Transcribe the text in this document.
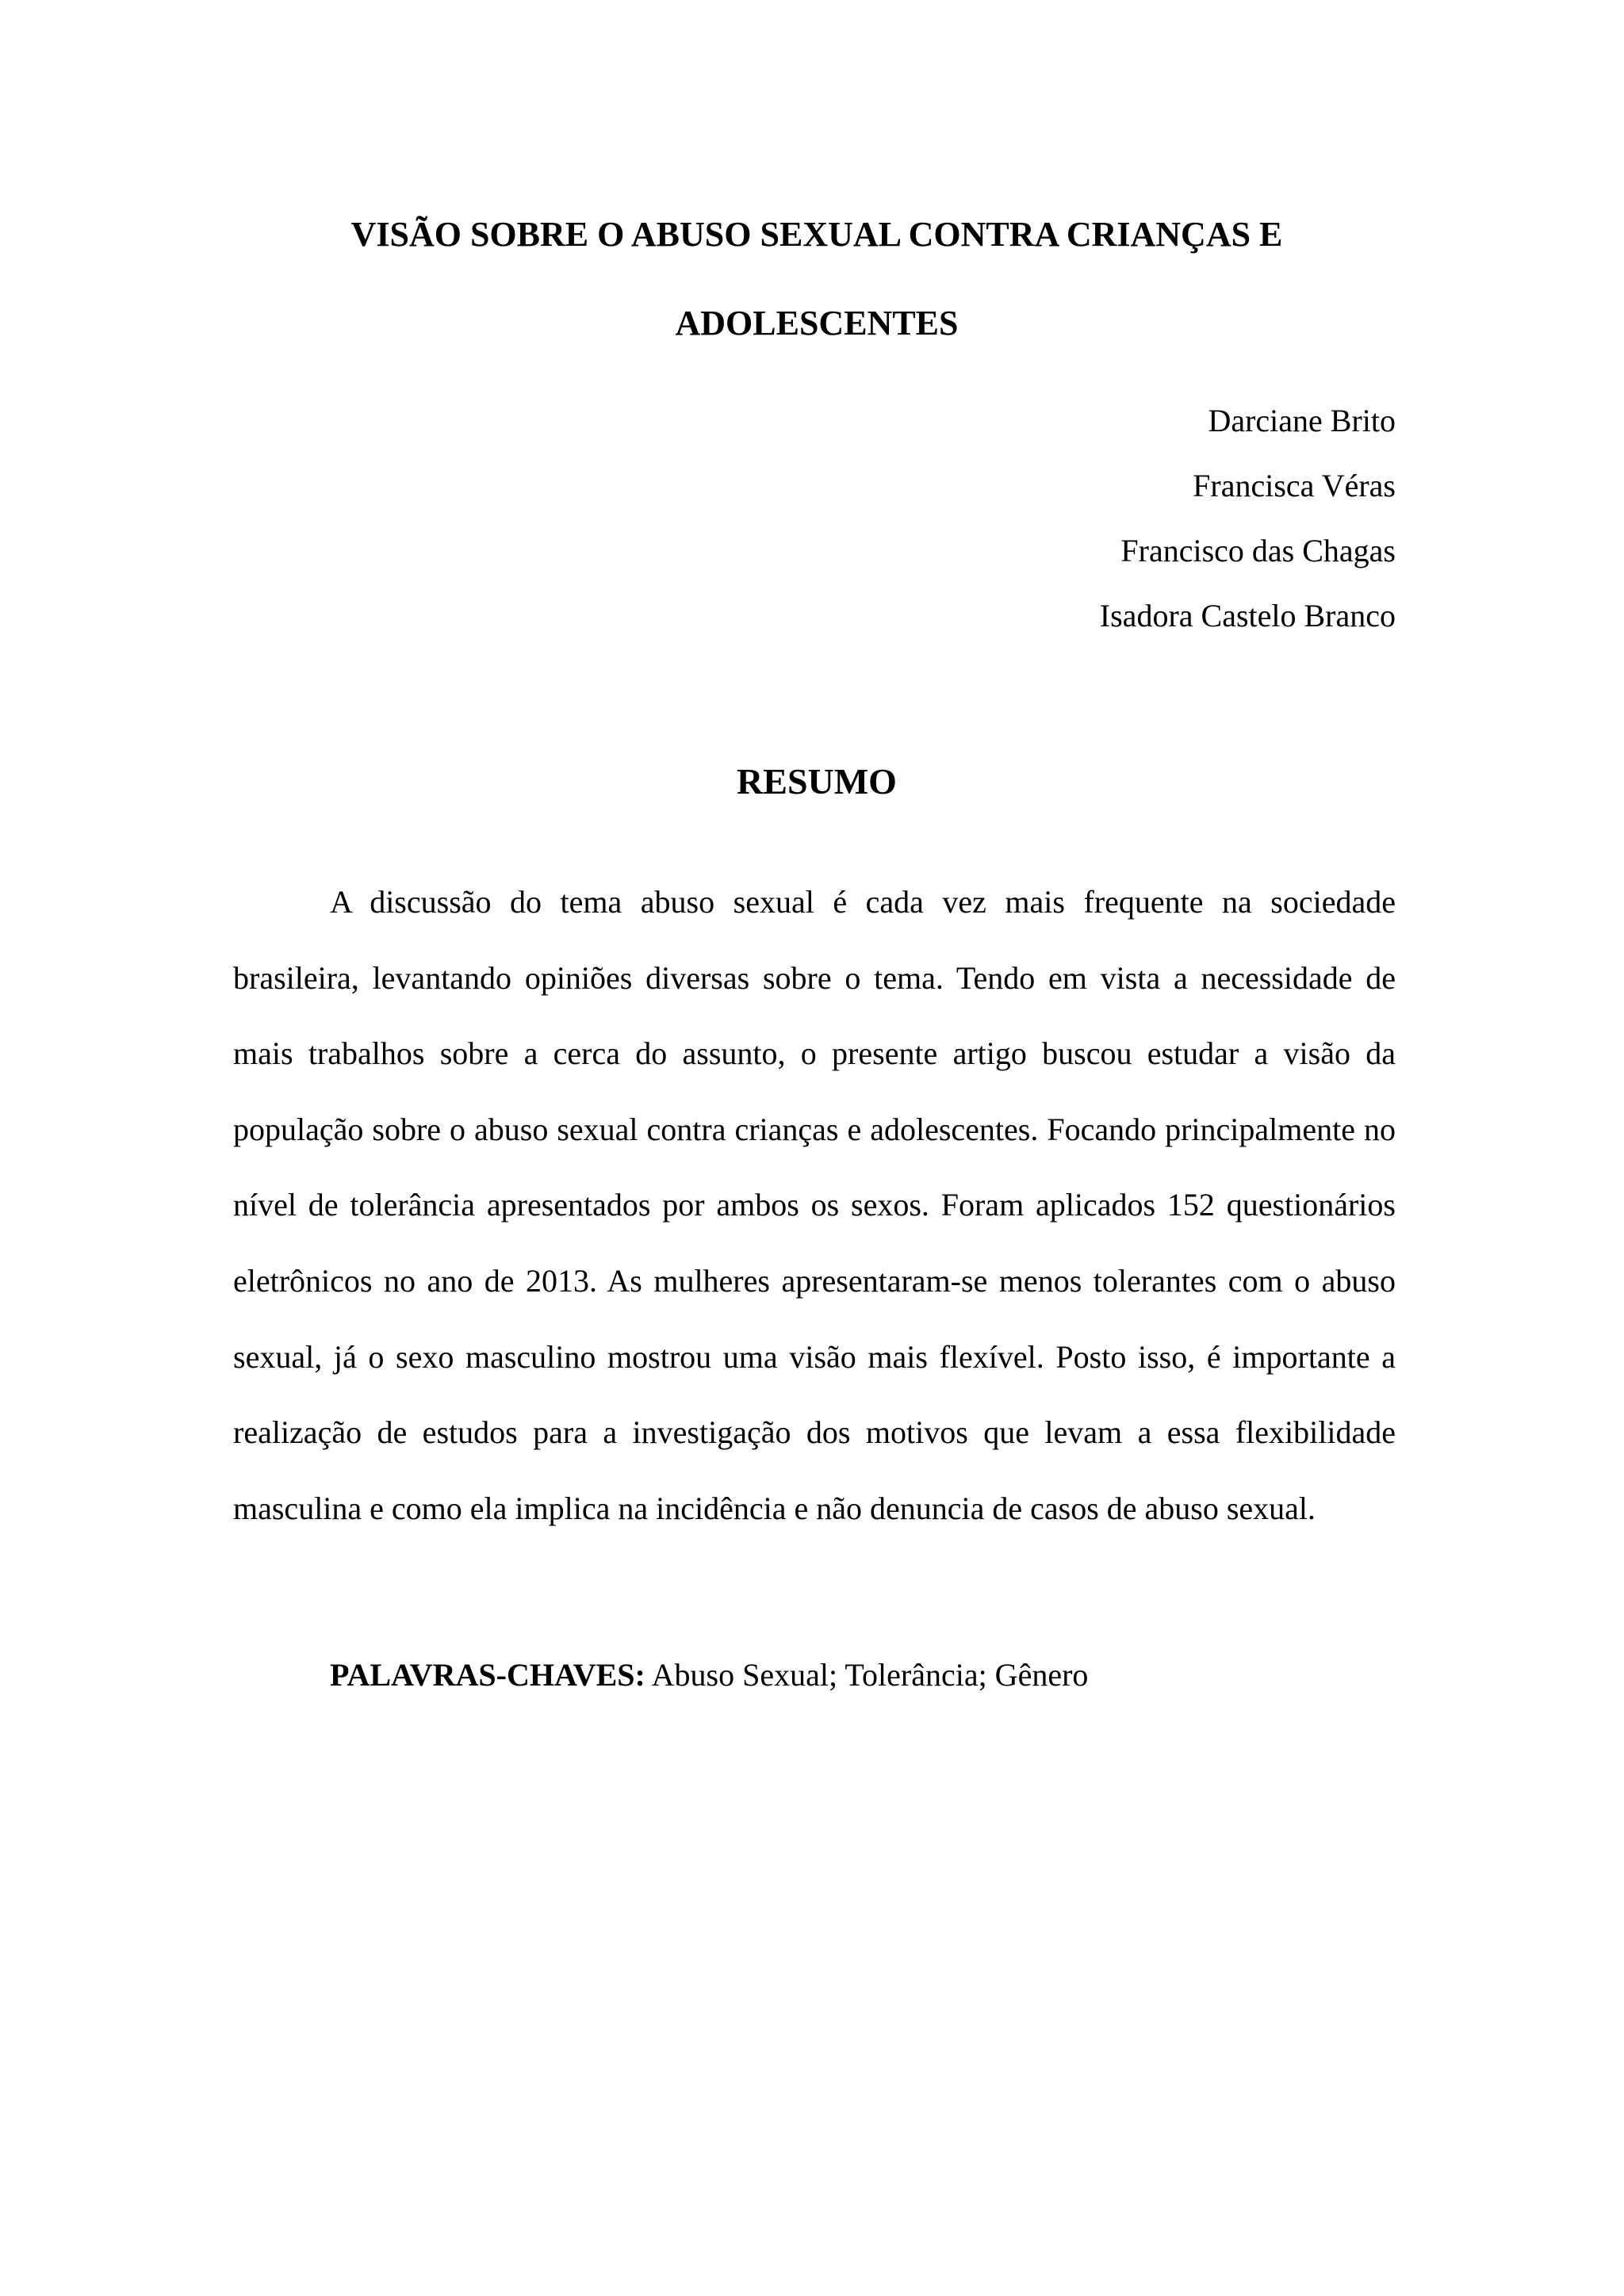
VISÃO SOBRE O ABUSO SEXUAL CONTRA CRIANÇAS E
ADOLESCENTES
Darciane Brito
Francisca Véras
Francisco das Chagas
Isadora Castelo Branco
RESUMO

A discussão do tema abuso sexual é cada vez mais frequente na sociedade brasileira, levantando opiniões diversas sobre o tema. Tendo em vista a necessidade de mais trabalhos sobre a cerca do assunto, o presente artigo buscou estudar a visão da população sobre o abuso sexual contra crianças e adolescentes. Focando principalmente no nível de tolerância apresentados por ambos os sexos. Foram aplicados 152 questionários eletrônicos no ano de 2013. As mulheres apresentaram-se menos tolerantes com o abuso sexual, já o sexo masculino mostrou uma visão mais flexível. Posto isso, é importante a realização de estudos para a investigação dos motivos que levam a essa flexibilidade masculina e como ela implica na incidência e não denuncia de casos de abuso sexual.

PALAVRAS-CHAVES: Abuso Sexual; Tolerância; Gênero
